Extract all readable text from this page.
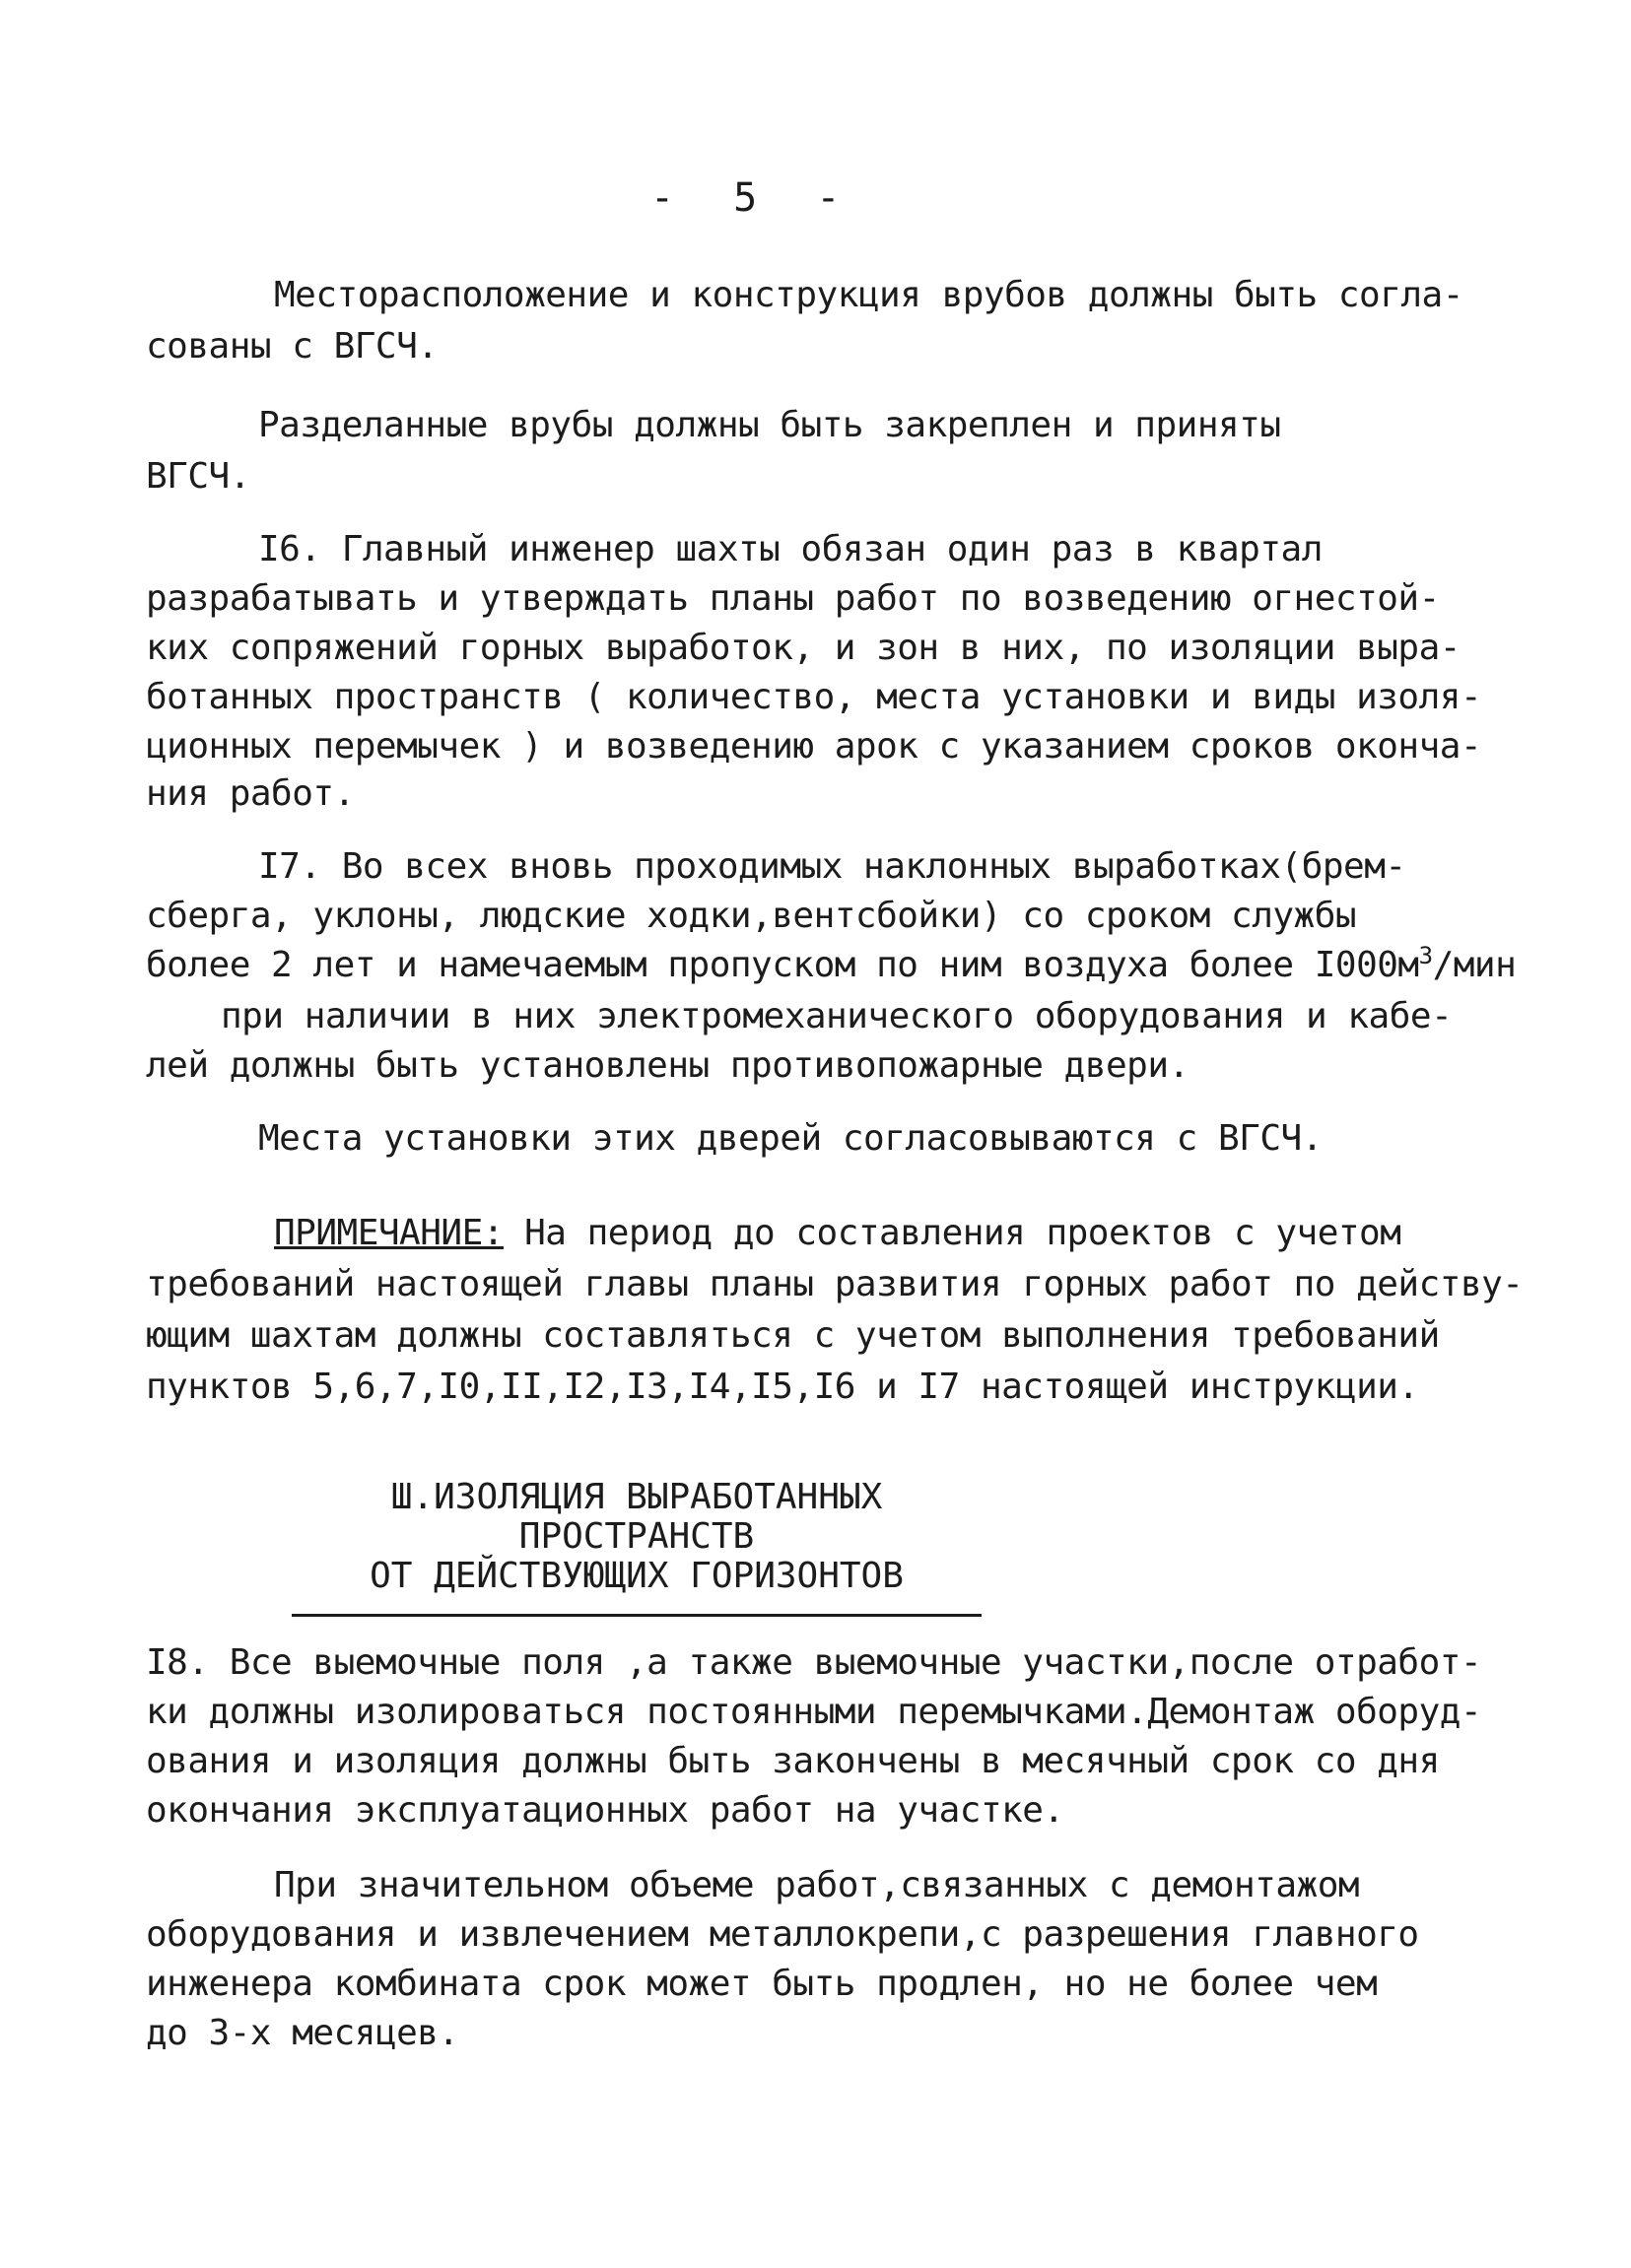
- 5 -
Месторасположение и конструкция врубов должны быть согла-
сованы с ВГСЧ.
Разделанные врубы должны быть закреплен и приняты
ВГСЧ.
I6. Главный инженер шахты обязан один раз в квартал
разрабатывать и утверждать планы работ по возведению огнестой-
ких сопряжений горных выработок, и зон в них, по изоляции выра-
ботанных пространств ( количество, места установки и виды изоля-
ционных перемычек ) и возведению арок с указанием сроков оконча-
ния работ.
I7. Во всех вновь проходимых наклонных выработках(брем-
сберга, уклоны, людские ходки,вентсбойки) со сроком службы
более 2 лет и намечаемым пропуском по ним воздуха более $I000м^3$/мин
при наличии в них электромеханического оборудования и кабе-
лей должны быть установлены противопожарные двери.
Места установки этих дверей согласовываются с ВГСЧ.
ПРИМЕЧАНИЕ: На период до составления проектов с учетом
требований настоящей главы планы развития горных работ по действу-
ющим шахтам должны составляться с учетом выполнения требований
пунктов 5,6,7,I0,II,I2,I3,I4,I5,I6 и I7 настоящей инструкции.
Ш.ИЗОЛЯЦИЯ ВЫРАБОТАННЫХ ПРОСТРАНСТВ
ОТ ДЕЙСТВУЮЩИХ ГОРИЗОНТОВ
I8. Все выемочные поля ,а также выемочные участки,после отработ-
ки должны изолироваться постоянными перемычками.Демонтаж оборуд-
ования и изоляция должны быть закончены в месячный срок со дня
окончания эксплуатационных работ на участке.
При значительном объеме работ,связанных с демонтажом
оборудования и извлечением металлокрепи,с разрешения главного
инженера комбината срок может быть продлен, но не более чем
до 3-х месяцев.
